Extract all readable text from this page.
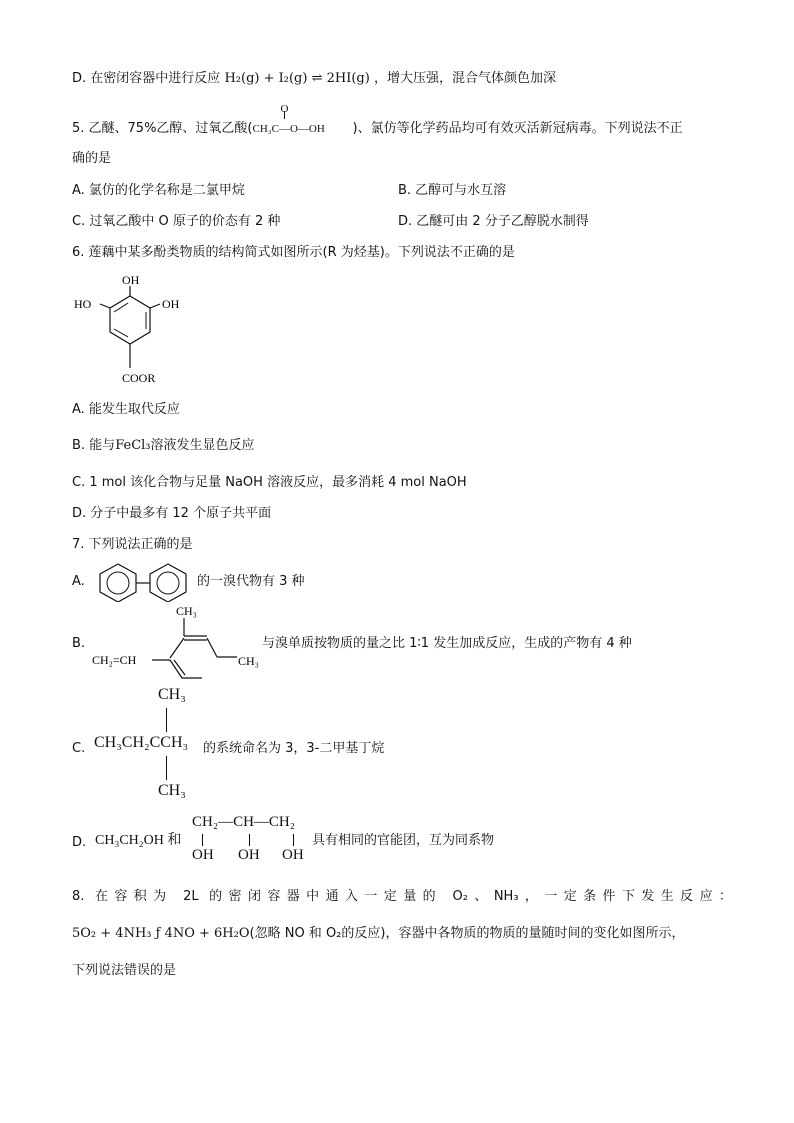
D. 在密闭容器中进行反应 H₂(g) + I₂(g) ⇌ 2HI(g) ，增大压强，混合气体颜色加深
5. 乙醚、75%乙醇、过氧乙酸(
O
CH₃C—O—OH )、氯仿等化学药品均可有效灭活新冠病毒。下列说法不正
确的是
A. 氯仿的化学名称是二氯甲烷	B. 乙醇可与水互溶
C. 过氧乙酸中 O 原子的价态有 2 种	D. 乙醚可由 2 分子乙醇脱水制得
6. 莲藕中某多酚类物质的结构简式如图所示(R 为烃基)。下列说法不正确的是
OH
HO	OH
COOR
A. 能发生取代反应
B. 能与FeCl₃溶液发生显色反应
C. 1 mol 该化合物与足量 NaOH 溶液反应，最多消耗 4 mol NaOH
D. 分子中最多有 12 个原子共平面
7. 下列说法正确的是
A.	的一溴代物有 3 种
B.
CH₃
CH₃
CH₂=CH
与溴单质按物质的量之比 1∶1 发生加成反应，生成的产物有 4 种
C.
CH₃
CH₃CH₂CCH₃
CH₃
的系统命名为 3，3-二甲基丁烷
D. CH₃CH₂OH 和
CH₂—CH—CH₂
OH OH OH
具有相同的官能团，互为同系物
8. 在容积为 2L 的密闭容器中通入一定量的 O₂、NH₃，一定条件下发生反应：
5O₂ + 4NH₃ ƒ 4NO + 6H₂O(忽略 NO 和 O₂的反应)，容器中各物质的物质的量随时间的变化如图所示，
下列说法错误的是
